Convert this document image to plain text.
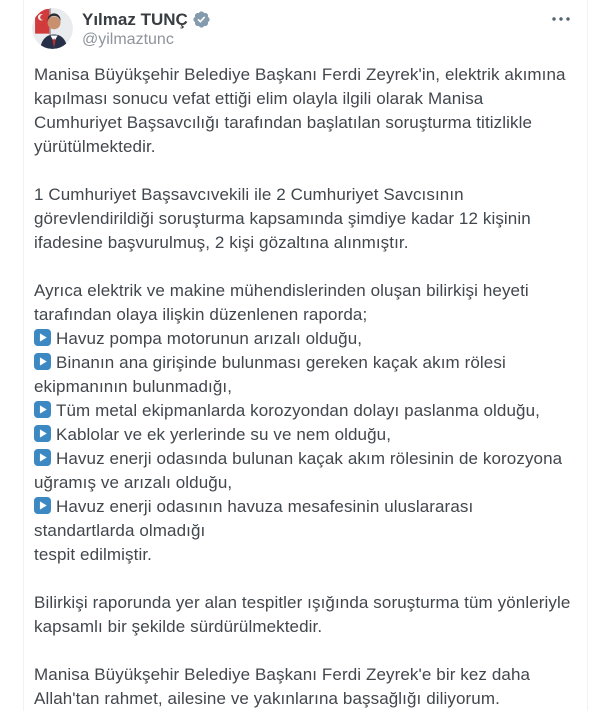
Yılmaz TUNÇ
@yilmaztunc

Manisa Büyükşehir Belediye Başkanı Ferdi Zeyrek'in, elektrik akımına kapılması sonucu vefat ettiği elim olayla ilgili olarak Manisa Cumhuriyet Başsavcılığı tarafından başlatılan soruşturma titizlikle yürütülmektedir.

1 Cumhuriyet Başsavcıvekili ile 2 Cumhuriyet Savcısının görevlendirildiği soruşturma kapsamında şimdiye kadar 12 kişinin ifadesine başvurulmuş, 2 kişi gözaltına alınmıştır.

Ayrıca elektrik ve makine mühendislerinden oluşan bilirkişi heyeti tarafından olaya ilişkin düzenlenen raporda;

Havuz pompa motorunun arızalı olduğu,

Binanın ana girişinde bulunması gereken kaçak akım rölesi ekipmanının bulunmadığı,

Tüm metal ekipmanlarda korozyondan dolayı paslanma olduğu,

Kablolar ve ek yerlerinde su ve nem olduğu,

Havuz enerji odasında bulunan kaçak akım rölesinin de korozyona uğramış ve arızalı olduğu,

Havuz enerji odasının havuza mesafesinin uluslararası standartlarda olmadığı
tespit edilmiştir.

Bilirkişi raporunda yer alan tespitler ışığında soruşturma tüm yönleriyle kapsamlı bir şekilde sürdürülmektedir.

Manisa Büyükşehir Belediye Başkanı Ferdi Zeyrek'e bir kez daha Allah'tan rahmet, ailesine ve yakınlarına başsağlığı diliyorum.
